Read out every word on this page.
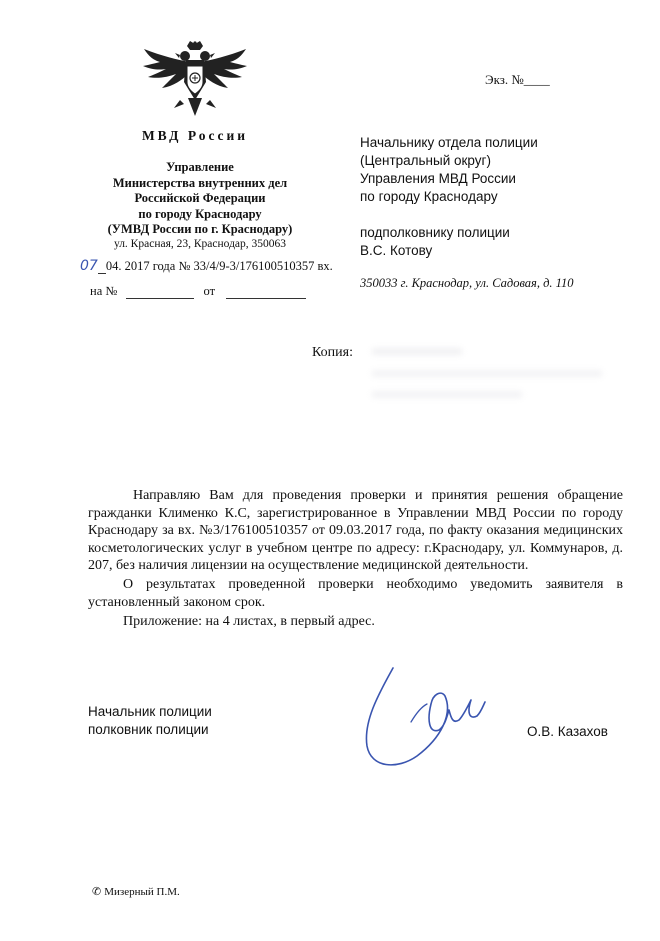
МВД России
Управление
Министерства внутренних дел
Российской Федерации
по городу Краснодару
(УМВД России по г. Краснодару)
ул. Красная, 23, Краснодар, 350063
07 04. 2017 года № 33/4/9-3/176100510357 вх.
на №	от
Экз. №____
Начальнику отдела полиции
(Центральный округ)
Управления МВД России
по городу Краснодару
подполковнику полиции
В.С. Котову
350033 г. Краснодар, ул. Садовая, д. 110
Копия:

Направляю Вам для проведения проверки и принятия решения обращение гражданки Клименко К.С, зарегистрированное в Управлении МВД России по городу Краснодару за вх. №3/176100510357 от 09.03.2017 года, по факту оказания медицинских косметологических услуг в учебном центре по адресу: г.Краснодару, ул. Коммунаров, д. 207, без наличия лицензии на осуществление медицинской деятельности.

О результатах проведенной проверки необходимо уведомить заявителя в установленный законом срок.

Приложение: на 4 листах, в первый адрес.

Начальник полиции
полковник полиции	О.В. Казахов
✆ Мизерный П.М.
